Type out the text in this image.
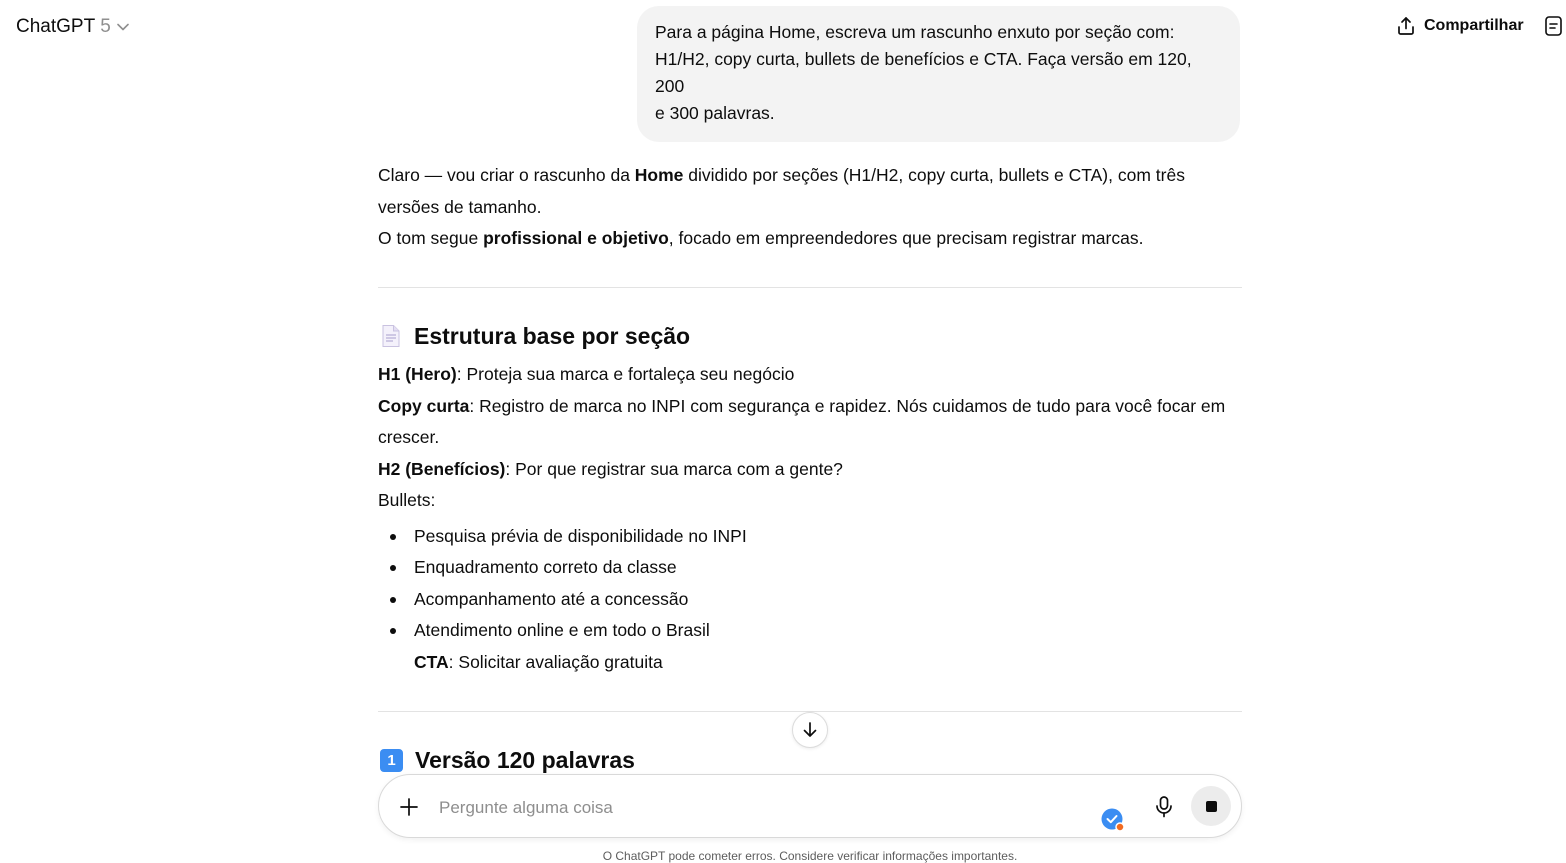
ChatGPT 5	Compartilhar
Para a página Home, escreva um rascunho enxuto por seção com:
H1/H2, copy curta, bullets de benefícios e CTA. Faça versão em 120, 200
e 300 palavras.

Claro — vou criar o rascunho da Home dividido por seções (H1/H2, copy curta, bullets e CTA), com três versões de tamanho.

O tom segue profissional e objetivo, focado em empreendedores que precisam registrar marcas.

Estrutura base por seção

H1 (Hero): Proteja sua marca e fortaleça seu negócio

Copy curta: Registro de marca no INPI com segurança e rapidez. Nós cuidamos de tudo para você focar em crescer.

H2 (Benefícios): Por que registrar sua marca com a gente?

Bullets:

Pesquisa prévia de disponibilidade no INPI
Enquadramento correto da classe
Acompanhamento até a concessão
Atendimento online e em todo o Brasil

CTA: Solicitar avaliação gratuita

1 Versão 120 palavras
Pergunte alguma coisa
O ChatGPT pode cometer erros. Considere verificar informações importantes.
